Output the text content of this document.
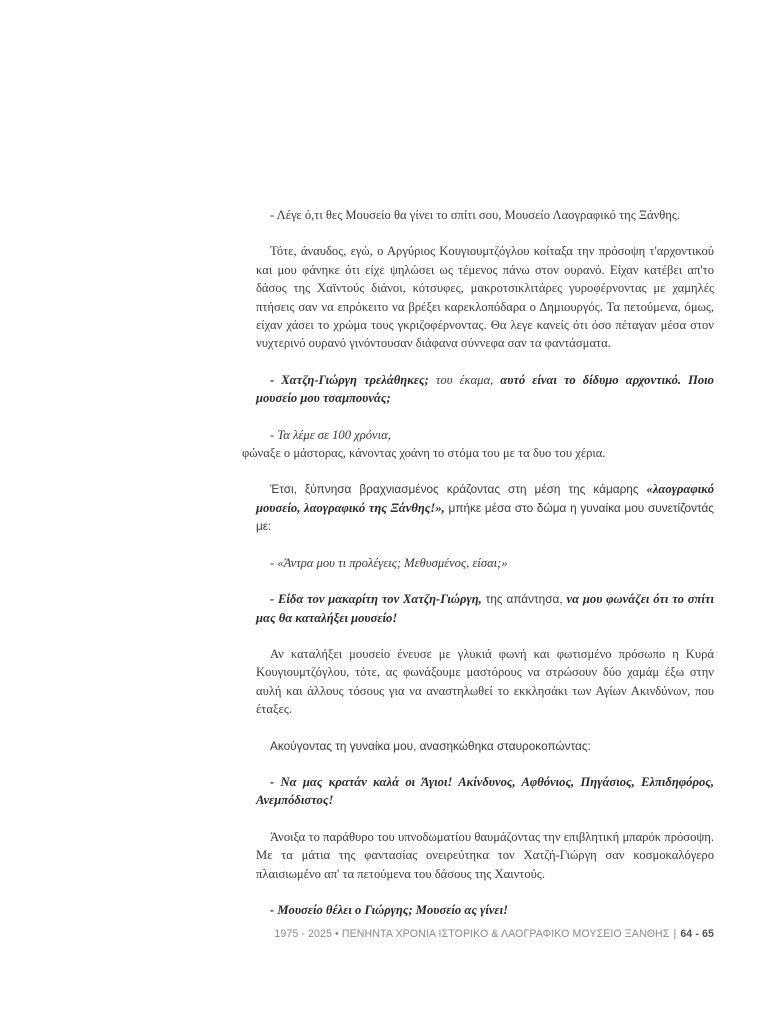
- Λέγε ό,τι θες Μουσείο θα γίνει το σπίτι σου, Μουσείο Λαογραφικό της Ξάνθης.

Τότε, άναυδος, εγώ, ο Αργύριος Κουγιουμτζόγλου κοίταξα την πρόσοψη τ'αρχοντικού και μου φάνηκε ότι είχε ψηλώσει ως τέμενος πάνω στον ουρανό. Είχαν κατέβει απ'το δάσος της Χαϊντούς διάνοι, κότσυφες, μακροτσικλιτάρες γυροφέρνοντας με χαμηλές πτήσεις σαν να επρόκειτο να βρέξει καρεκλοπόδαρα ο Δημιουργός. Τα πετούμενα, όμως, είχαν χάσει το χρώμα τους γκριζοφέρνοντας. Θα λεγε κανείς ότι όσο πέταγαν μέσα στον νυχτερινό ουρανό γινόντουσαν διάφανα σύννεφα σαν τα φαντάσματα.

- Χατζη-Γιώργη τρελάθηκες; του έκαμα, αυτό είναι το δίδυμο αρχοντικό. Ποιο μουσείο μου τσαμπουνάς;

- Τα λέμε σε 100 χρόνια,
φώναξε ο μάστορας, κάνοντας χοάνη το στόμα του με τα δυο του χέρια.

Έτσι, ξύπνησα βραχνιασμένος κράζοντας στη μέση της κάμαρης «λαογραφικό μουσείο, λαογραφικό της Ξάνθης!», μπήκε μέσα στο δώμα η γυναίκα μου συνετίζοντάς με:

- «Άντρα μου τι προλέγεις; Μεθυσμένος, είσαι;»

- Είδα τον μακαρίτη τον Χατζη-Γιώργη, της απάντησα, να μου φωνάζει ότι το σπίτι μας θα καταλήξει μουσείο!

Αν καταλήξει μουσείο ένευσε με γλυκιά φωνή και φωτισμένο πρόσωπο η Κυρά Κουγιουμτζόγλου, τότε, ας φωνάξουμε μαστόρους να στρώσουν δύο χαμάμ έξω στην αυλή και άλλους τόσους για να αναστηλωθεί το εκκλησάκι των Αγίων Ακινδύνων, που έταξες.

Ακούγοντας τη γυναίκα μου, ανασηκώθηκα σταυροκοπώντας:

- Να μας κρατάν καλά οι Άγιοι! Ακίνδυνος, Αφθόνιος, Πηγάσιος, Ελπιδηφόρος, Ανεμπόδιστος!

Άνοιξα το παράθυρο του υπνοδωματίου θαυμάζοντας την επιβλητική μπαρόκ πρόσοψη. Με τα μάτια της φαντασίας ονειρεύτηκα τον Χατζή-Γιώργη σαν κοσμοκαλόγερο πλαισιωμένο απ' τα πετούμενα του δάσους της Χαιντούς.

- Μουσείο θέλει ο Γιώργης; Μουσείο ας γίνει!

1975 - 2025 • ΠΕΝΗΝΤΑ ΧΡΟΝΙΑ ΙΣΤΟΡΙΚΟ & ΛΑΟΓΡΑΦΙΚΟ ΜΟΥΣΕΙΟ ΞΑΝΘΗΣ | 64 - 65
